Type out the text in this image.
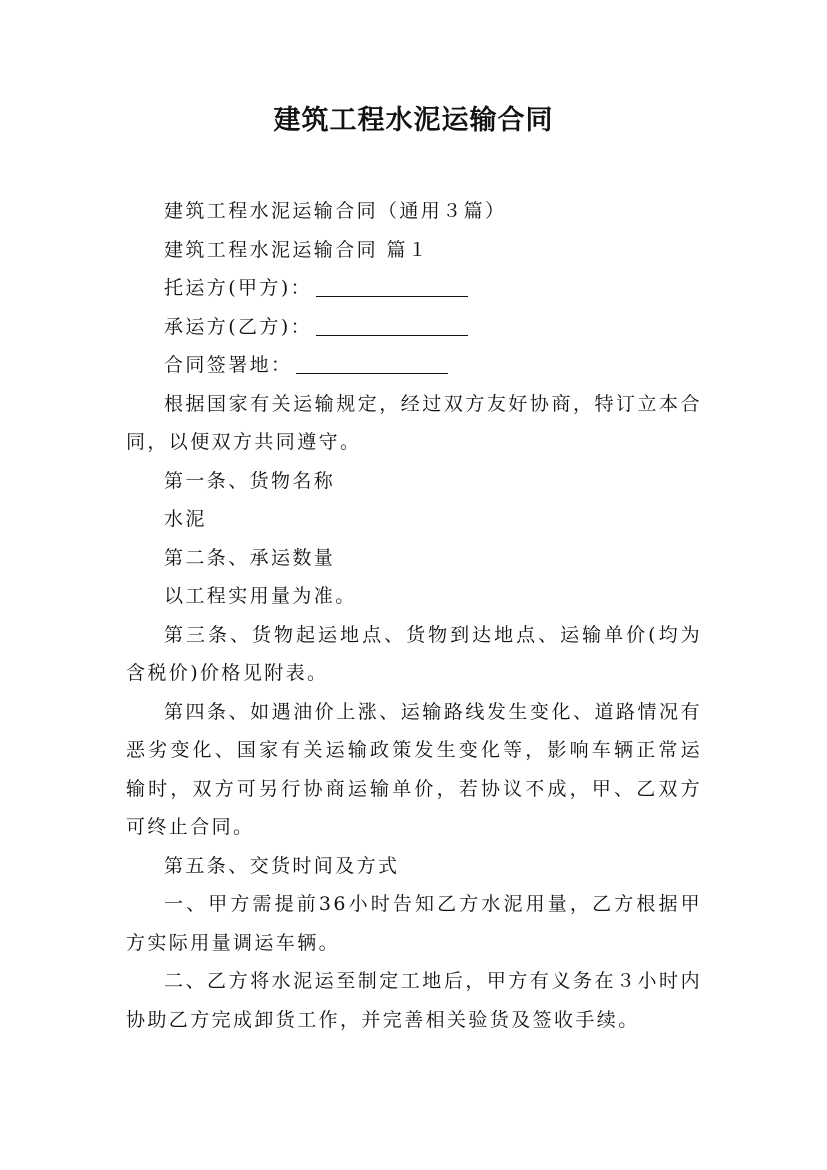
建筑工程水泥运输合同

建筑工程水泥运输合同（通用３篇）

建筑工程水泥运输合同 篇１

托运方(甲方)：

承运方(乙方)：

合同签署地：

根据国家有关运输规定，经过双方友好协商，特订立本合同，以便双方共同遵守。

第一条、货物名称

水泥

第二条、承运数量

以工程实用量为准。

第三条、货物起运地点、货物到达地点、运输单价(均为含税价)价格见附表。

第四条、如遇油价上涨、运输路线发生变化、道路情况有恶劣变化、国家有关运输政策发生变化等，影响车辆正常运输时，双方可另行协商运输单价，若协议不成，甲、乙双方可终止合同。

第五条、交货时间及方式

一、甲方需提前36小时告知乙方水泥用量，乙方根据甲方实际用量调运车辆。

二、乙方将水泥运至制定工地后，甲方有义务在３小时内协助乙方完成卸货工作，并完善相关验货及签收手续。
